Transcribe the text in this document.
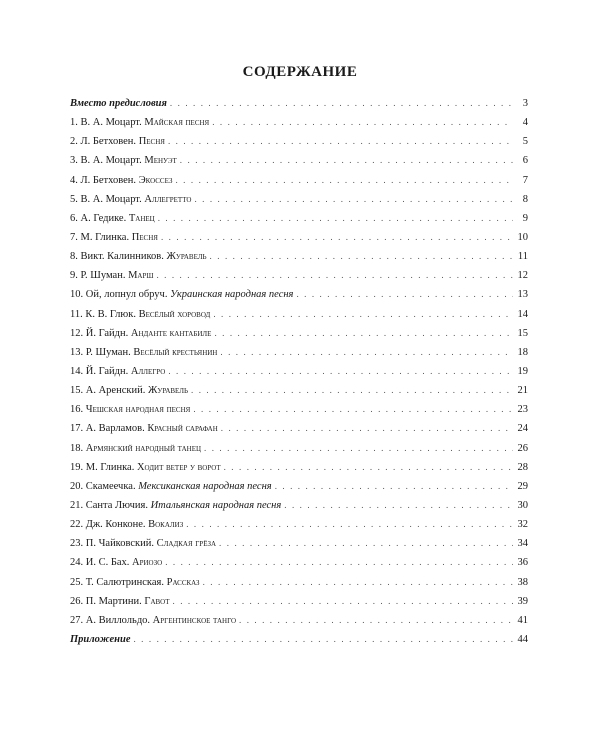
СОДЕРЖАНИЕ
Вместо предисловия . . .	3
1. В. А. Моцарт. Майская песня . . .	4
2. Л. Бетховен. Песня . . .	5
3. В. А. Моцарт. Менуэт . . .	6
4. Л. Бетховен. Экоссез . . .	7
5. В. А. Моцарт. Аллегретто . . .	8
6. А. Гедике. Танец . . .	9
7. М. Глинка. Песня . . .	10
8. Викт. Калинников. Журавель . . .	11
9. Р. Шуман. Марш . . .	12
10. Ой, лопнул обруч. Украинская народная песня . . .	13
11. К. В. Глюк. Весёлый хоровод . . .	14
12. Й. Гайдн. Анданте кантабиле . . .	15
13. Р. Шуман. Весёлый крестьянин . . .	18
14. Й. Гайдн. Аллегро . . .	19
15. А. Аренский. Журавель . . .	21
16. Чешская народная песня . . .	23
17. А. Варламов. Красный сарафан . . .	24
18. Армянский народный танец . . .	26
19. М. Глинка. Ходит ветер у ворот . . .	28
20. Скамеечка. Мексиканская народная песня . . .	29
21. Санта Лючия. Итальянская народная песня . . .	30
22. Дж. Конконе. Вокализ . . .	32
23. П. Чайковский. Сладкая грёза . . .	34
24. И. С. Бах. Ариозо . . .	36
25. Т. Салютринская. Рассказ . . .	38
26. П. Мартини. Гавот . . .	39
27. А. Виллольдо. Аргентинское танго . . .	41
Приложение . . .	44
